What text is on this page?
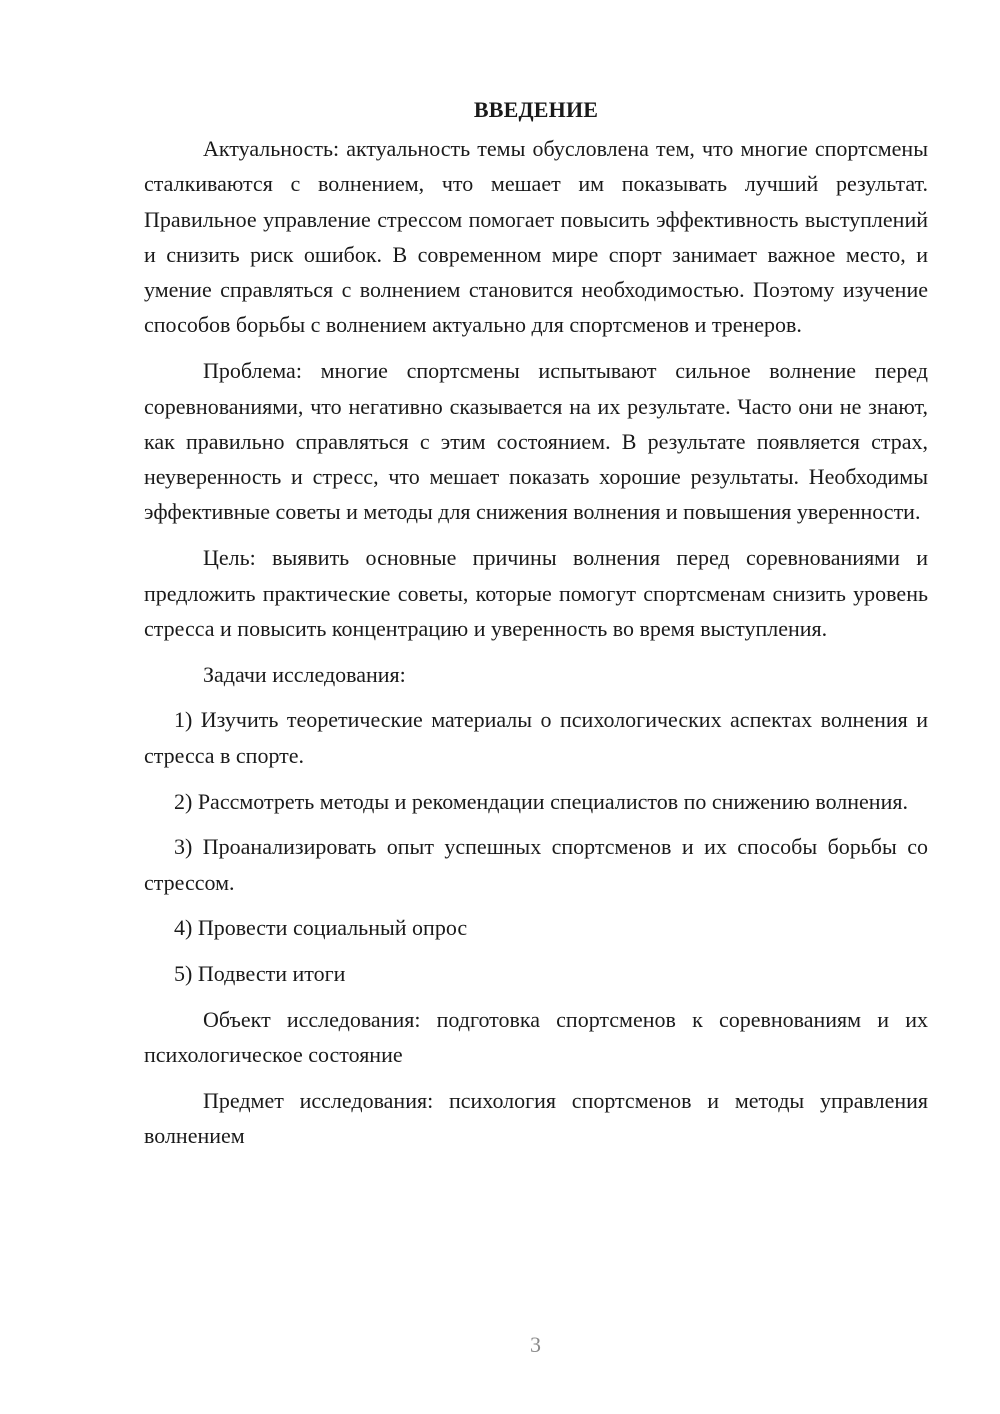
ВВЕДЕНИЕ

Актуальность: актуальность темы обусловлена тем, что многие спортсмены сталкиваются с волнением, что мешает им показывать лучший результат. Правильное управление стрессом помогает повысить эффективность выступлений и снизить риск ошибок. В современном мире спорт занимает важное место, и умение справляться с волнением становится необходимостью. Поэтому изучение способов борьбы с волнением актуально для спортсменов и тренеров.

Проблема: многие спортсмены испытывают сильное волнение перед соревнованиями, что негативно сказывается на их результате. Часто они не знают, как правильно справляться с этим состоянием. В результате появляется страх, неуверенность и стресс, что мешает показать хорошие результаты. Необходимы эффективные советы и методы для снижения волнения и повышения уверенности.

Цель: выявить основные причины волнения перед соревнованиями и предложить практические советы, которые помогут спортсменам снизить уровень стресса и повысить концентрацию и уверенность во время выступления.

Задачи исследования:

1) Изучить теоретические материалы о психологических аспектах волнения и стресса в спорте.

2) Рассмотреть методы и рекомендации специалистов по снижению волнения.

3) Проанализировать опыт успешных спортсменов и их способы борьбы со стрессом.

4) Провести социальный опрос

5) Подвести итоги

Объект исследования: подготовка спортсменов к соревнованиям и их психологическое состояние

Предмет исследования: психология спортсменов и методы управления волнением

3
